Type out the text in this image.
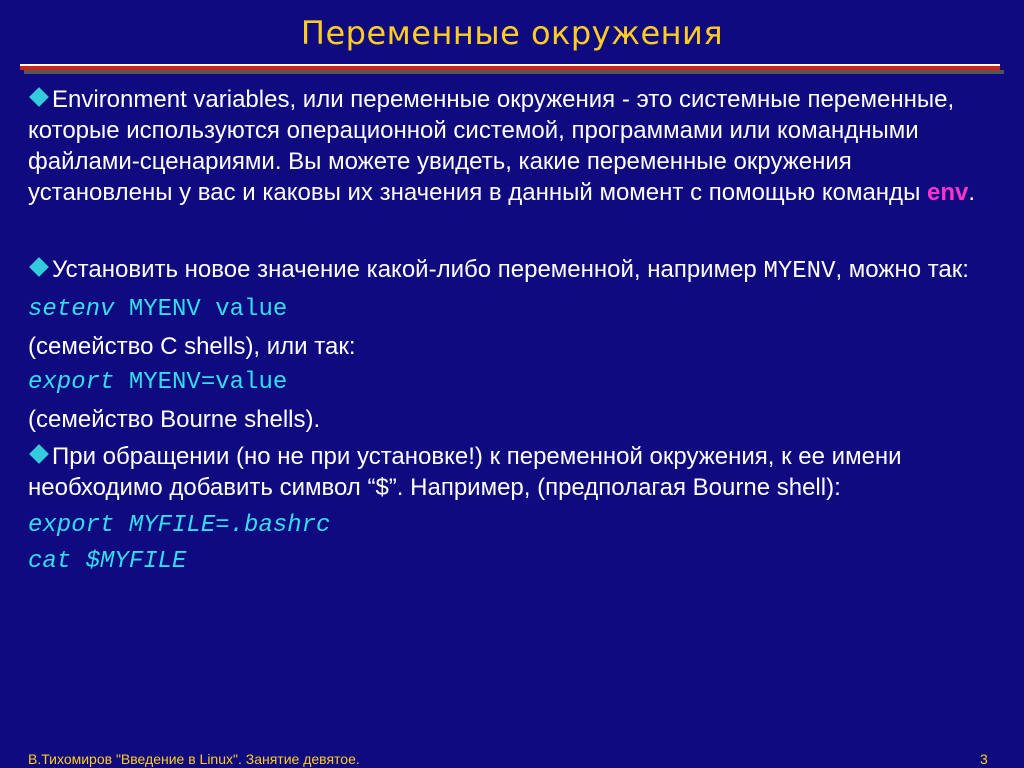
Переменные окружения

Environment variables, или переменные окружения - это системные переменные, которые используются операционной системой, программами или командными файлами-сценариями. Вы можете увидеть, какие переменные окружения установлены у вас и каковы их значения в данный момент с помощью команды env.

Установить новое значение какой-либо переменной, например MYENV, можно так:

setenv MYENV value
(семейство C shells), или так:
export MYENV=value
(семейство Bourne shells).

При обращении (но не при установке!) к переменной окружения, к ее имени необходимо добавить символ “$”. Например, (предполагая Bourne shell):

export MYFILE=.bashrc
cat $MYFILE
В.Тихомиров "Введение в Linux". Занятие девятое.	3
